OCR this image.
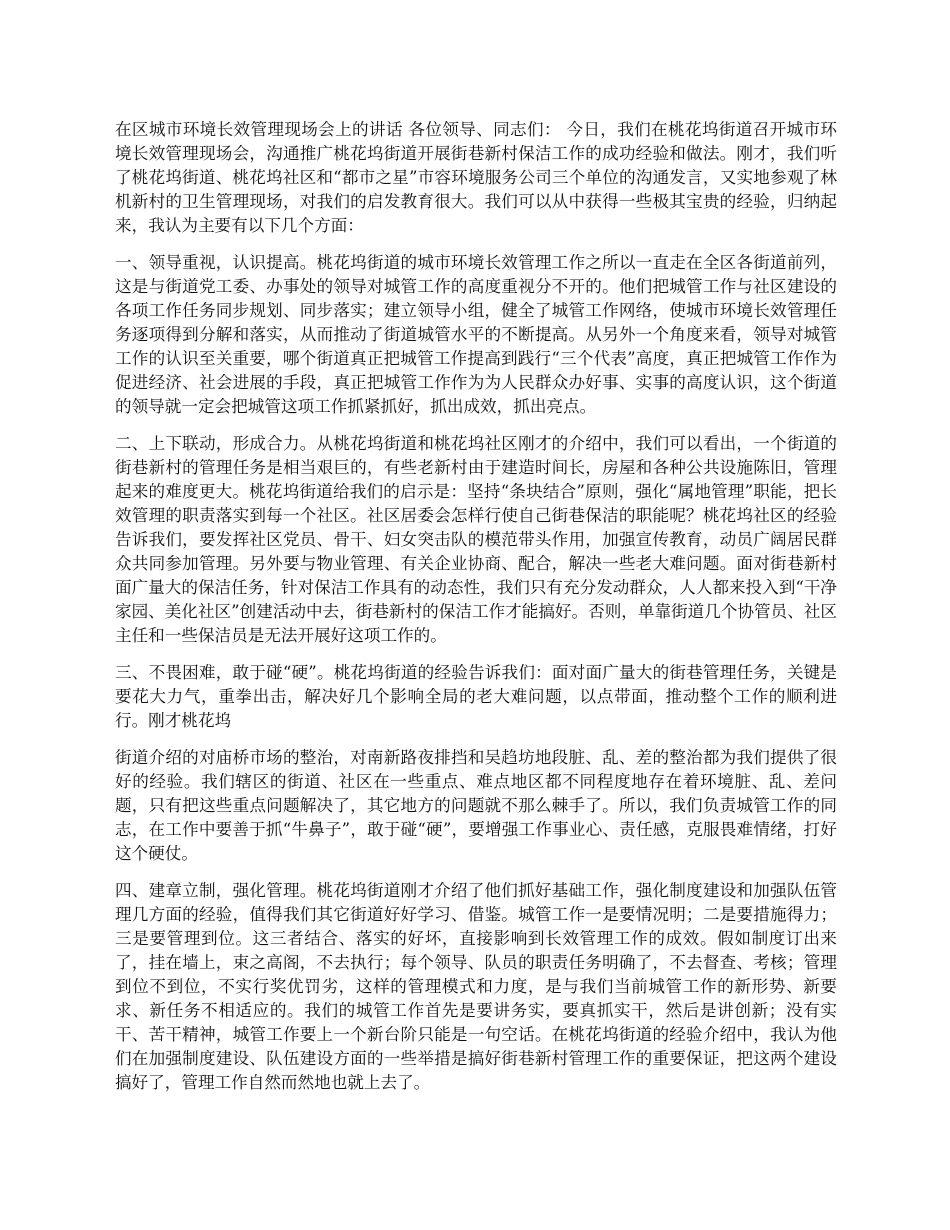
在区城市环境长效管理现场会上的讲话 各位领导、同志们： 今日，我们在桃花坞街道召开城市环境长效管理现场会，沟通推广桃花坞街道开展街巷新村保洁工作的成功经验和做法。刚才，我们听了桃花坞街道、桃花坞社区和“都市之星”市容环境服务公司三个单位的沟通发言，又实地参观了林机新村的卫生管理现场，对我们的启发教育很大。我们可以从中获得一些极其宝贵的经验，归纳起来，我认为主要有以下几个方面：

一、领导重视，认识提高。桃花坞街道的城市环境长效管理工作之所以一直走在全区各街道前列，这是与街道党工委、办事处的领导对城管工作的高度重视分不开的。他们把城管工作与社区建设的各项工作任务同步规划、同步落实；建立领导小组，健全了城管工作网络，使城市环境长效管理任务逐项得到分解和落实，从而推动了街道城管水平的不断提高。从另外一个角度来看，领导对城管工作的认识至关重要，哪个街道真正把城管工作提高到践行“三个代表”高度，真正把城管工作作为促进经济、社会进展的手段，真正把城管工作作为为人民群众办好事、实事的高度认识，这个街道的领导就一定会把城管这项工作抓紧抓好，抓出成效，抓出亮点。

二、上下联动，形成合力。从桃花坞街道和桃花坞社区刚才的介绍中，我们可以看出，一个街道的街巷新村的管理任务是相当艰巨的，有些老新村由于建造时间长，房屋和各种公共设施陈旧，管理起来的难度更大。桃花坞街道给我们的启示是：坚持“条块结合”原则，强化“属地管理”职能，把长效管理的职责落实到每一个社区。社区居委会怎样行使自己街巷保洁的职能呢？桃花坞社区的经验告诉我们，要发挥社区党员、骨干、妇女突击队的模范带头作用，加强宣传教育，动员广阔居民群众共同参加管理。另外要与物业管理、有关企业协商、配合，解决一些老大难问题。面对街巷新村面广量大的保洁任务，针对保洁工作具有的动态性，我们只有充分发动群众，人人都来投入到“干净家园、美化社区”创建活动中去，街巷新村的保洁工作才能搞好。否则，单靠街道几个协管员、社区主任和一些保洁员是无法开展好这项工作的。

三、不畏困难，敢于碰“硬”。桃花坞街道的经验告诉我们：面对面广量大的街巷管理任务，关键是要花大力气，重拳出击，解决好几个影响全局的老大难问题，以点带面，推动整个工作的顺利进行。刚才桃花坞

街道介绍的对庙桥市场的整治，对南新路夜排挡和吴趋坊地段脏、乱、差的整治都为我们提供了很好的经验。我们辖区的街道、社区在一些重点、难点地区都不同程度地存在着环境脏、乱、差问题，只有把这些重点问题解决了，其它地方的问题就不那么棘手了。所以，我们负责城管工作的同志，在工作中要善于抓“牛鼻子”，敢于碰“硬”，要增强工作事业心、责任感，克服畏难情绪，打好这个硬仗。

四、建章立制，强化管理。桃花坞街道刚才介绍了他们抓好基础工作，强化制度建设和加强队伍管理几方面的经验，值得我们其它街道好好学习、借鉴。城管工作一是要情况明；二是要措施得力；三是要管理到位。这三者结合、落实的好坏，直接影响到长效管理工作的成效。假如制度订出来了，挂在墙上，束之高阁，不去执行；每个领导、队员的职责任务明确了，不去督查、考核；管理到位不到位，不实行奖优罚劣，这样的管理模式和力度，是与我们当前城管工作的新形势、新要求、新任务不相适应的。我们的城管工作首先是要讲务实，要真抓实干，然后是讲创新；没有实干、苦干精神，城管工作要上一个新台阶只能是一句空话。在桃花坞街道的经验介绍中，我认为他们在加强制度建设、队伍建设方面的一些举措是搞好街巷新村管理工作的重要保证，把这两个建设搞好了，管理工作自然而然地也就上去了。
